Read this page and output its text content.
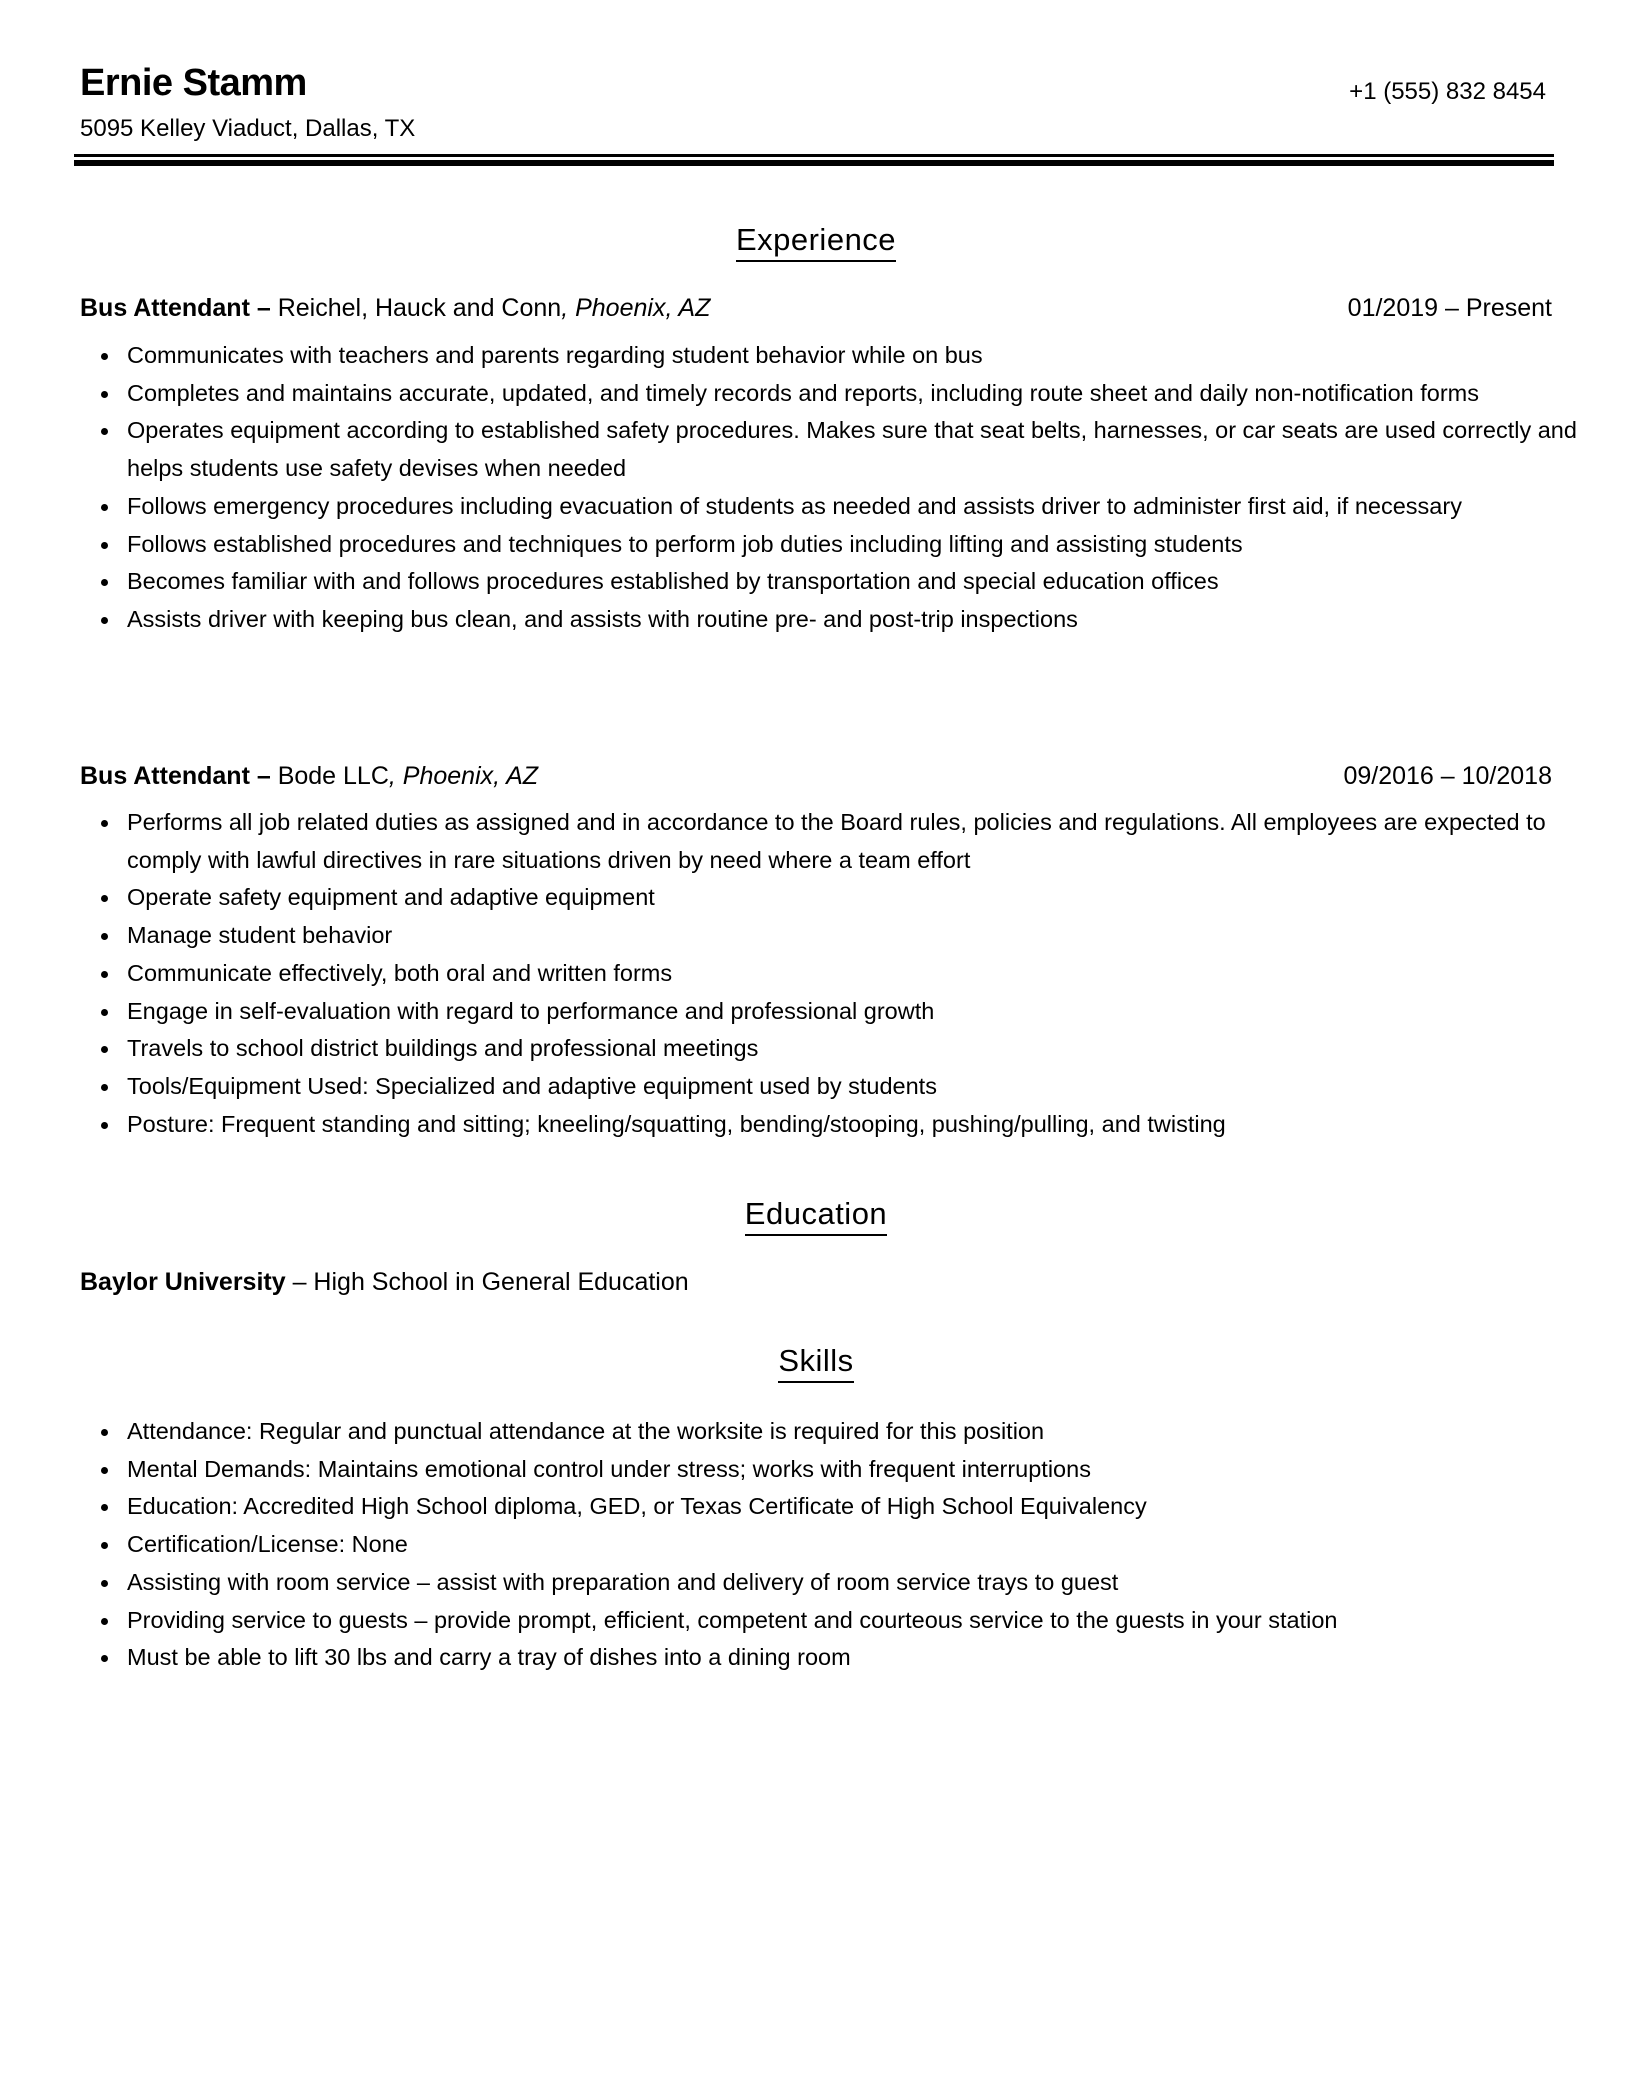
Ernie Stamm
5095 Kelley Viaduct, Dallas, TX
+1 (555) 832 8454
Experience
Bus Attendant – Reichel, Hauck and Conn, Phoenix, AZ	01/2019 – Present
Communicates with teachers and parents regarding student behavior while on bus
Completes and maintains accurate, updated, and timely records and reports, including route sheet and daily non-notification forms
Operates equipment according to established safety procedures. Makes sure that seat belts, harnesses, or car seats are used correctly and helps students use safety devises when needed
Follows emergency procedures including evacuation of students as needed and assists driver to administer first aid, if necessary
Follows established procedures and techniques to perform job duties including lifting and assisting students
Becomes familiar with and follows procedures established by transportation and special education offices
Assists driver with keeping bus clean, and assists with routine pre- and post-trip inspections
Bus Attendant – Bode LLC, Phoenix, AZ	09/2016 – 10/2018
Performs all job related duties as assigned and in accordance to the Board rules, policies and regulations. All employees are expected to comply with lawful directives in rare situations driven by need where a team effort
Operate safety equipment and adaptive equipment
Manage student behavior
Communicate effectively, both oral and written forms
Engage in self-evaluation with regard to performance and professional growth
Travels to school district buildings and professional meetings
Tools/Equipment Used: Specialized and adaptive equipment used by students
Posture: Frequent standing and sitting; kneeling/squatting, bending/stooping, pushing/pulling, and twisting
Education
Baylor University – High School in General Education
Skills
Attendance: Regular and punctual attendance at the worksite is required for this position
Mental Demands: Maintains emotional control under stress; works with frequent interruptions
Education: Accredited High School diploma, GED, or Texas Certificate of High School Equivalency
Certification/License: None
Assisting with room service – assist with preparation and delivery of room service trays to guest
Providing service to guests – provide prompt, efficient, competent and courteous service to the guests in your station
Must be able to lift 30 lbs and carry a tray of dishes into a dining room
